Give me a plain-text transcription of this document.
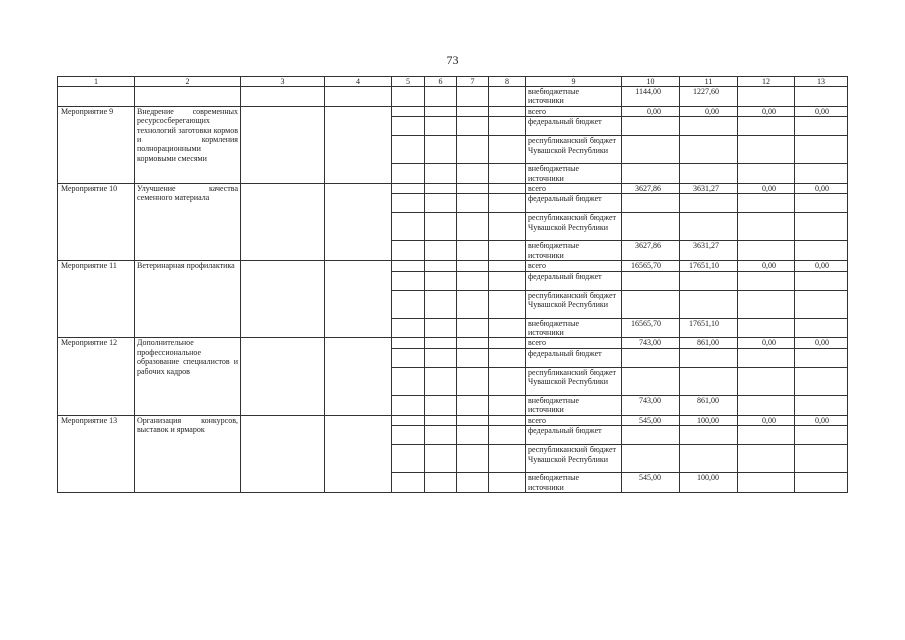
73
1	2	3	4	5	6	7	8	9	10	11	12	13
								внебюджетные источники	1144,00	1227,60		
Мероприятие 9	Внедрение современных ресурсосберегающих технологий заготовки кормов и кормления полнорационными кормовыми смесями							всего	0,00	0,00	0,00	0,00
								федеральный бюджет				
								республиканский бюджет Чувашской Республики				
								внебюджетные источники				
Мероприятие 10	Улучшение качества семенного материала							всего	3627,86	3631,27	0,00	0,00
								федеральный бюджет				
								республиканский бюджет Чувашской Республики				
								внебюджетные источники	3627,86	3631,27		
Мероприятие 11	Ветеринарная профилактика							всего	16565,70	17651,10	0,00	0,00
								федеральный бюджет				
								республиканский бюджет Чувашской Республики				
								внебюджетные источники	16565,70	17651,10		
Мероприятие 12	Дополнительное профессиональное образование специалистов и рабочих кадров							всего	743,00	861,00	0,00	0,00
								федеральный бюджет				
								республиканский бюджет Чувашской Республики				
								внебюджетные источники	743,00	861,00		
Мероприятие 13	Организация конкурсов, выставок и ярмарок							всего	545,00	100,00	0,00	0,00
								федеральный бюджет				
								республиканский бюджет Чувашской Республики				
								внебюджетные источники	545,00	100,00		
